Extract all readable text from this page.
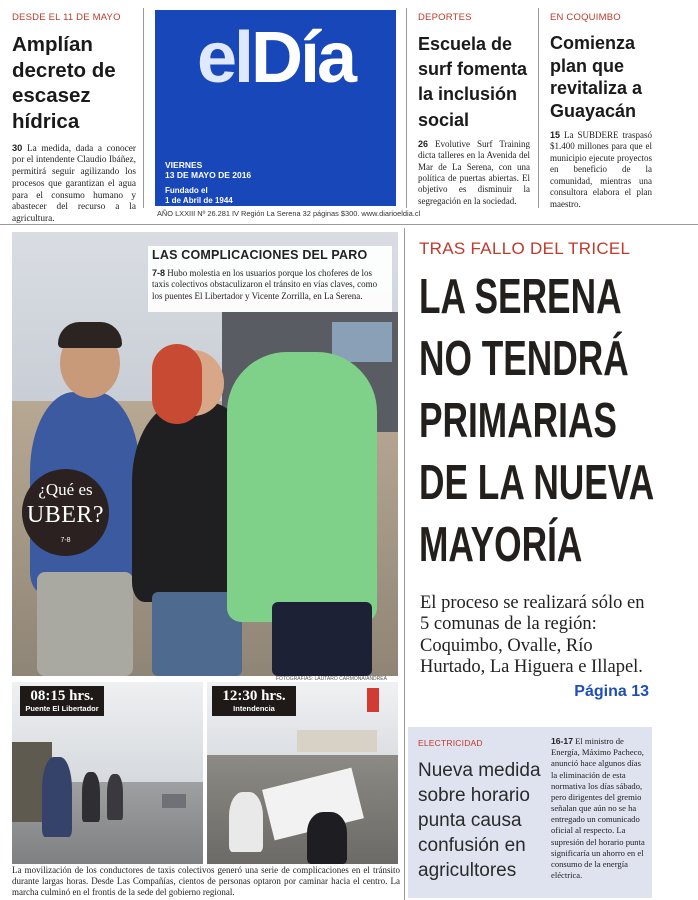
DESDE EL 11 DE MAYO
Amplían decreto de escasez hídrica
30 La medida, dada a conocer por el intendente Claudio Ibáñez, permitirá seguir agilizando los procesos que garantizan el agua para el consumo humano y abastecer del recurso a la agricultura.
elDía
VIERNES
13 DE MAYO DE 2016
Fundado el
1 de Abril de 1944
AÑO LXXIII Nº 26.281 IV Región La Serena 32 páginas $300. www.diarioeldia.cl
DEPORTES
Escuela de surf fomenta la inclusión social
26 Evolutive Surf Training dicta talleres en la Avenida del Mar de La Serena, con una política de puertas abiertas. El objetivo es disminuir la segregación en la sociedad.
EN COQUIMBO
Comienza plan que revitaliza a Guayacán
15 La SUBDERE traspasó $1.400 millones para que el municipio ejecute proyectos en beneficio de la comunidad, mientras una consultora elabora el plan maestro.
FOTOGRAFÍAS: LAUTARO CARMONA/ANDREA
¿Qué es
UBER?
7-8
LAS COMPLICACIONES DEL PARO
7-8 Hubo molestia en los usuarios porque los choferes de los taxis colectivos obstaculizaron el tránsito en vías claves, como los puentes El Libertador y Vicente Zorrilla, en La Serena.
08:15 hrs.
Puente El Libertador
12:30 hrs.
Intendencia
La movilización de los conductores de taxis colectivos generó una serie de complicaciones en el tránsito durante largas horas. Desde Las Compañías, cientos de personas optaron por caminar hacia el centro. La marcha culminó en el frontis de la sede del gobierno regional.
TRAS FALLO DEL TRICEL
LA SERENA
NO TENDRÁ
PRIMARIAS
DE LA NUEVA
MAYORÍA
El proceso se realizará sólo en 5 comunas de la región: Coquimbo, Ovalle, Río Hurtado, La Higuera e Illapel.
Página 13
ELECTRICIDAD
Nueva medida sobre horario punta causa confusión en agricultores
16-17 El ministro de Energía, Máximo Pacheco, anunció hace algunos días la eliminación de esta normativa los días sábado, pero dirigentes del gremio señalan que aún no se ha entregado un comunicado oficial al respecto. La supresión del horario punta significaría un ahorro en el consumo de la energía eléctrica.
